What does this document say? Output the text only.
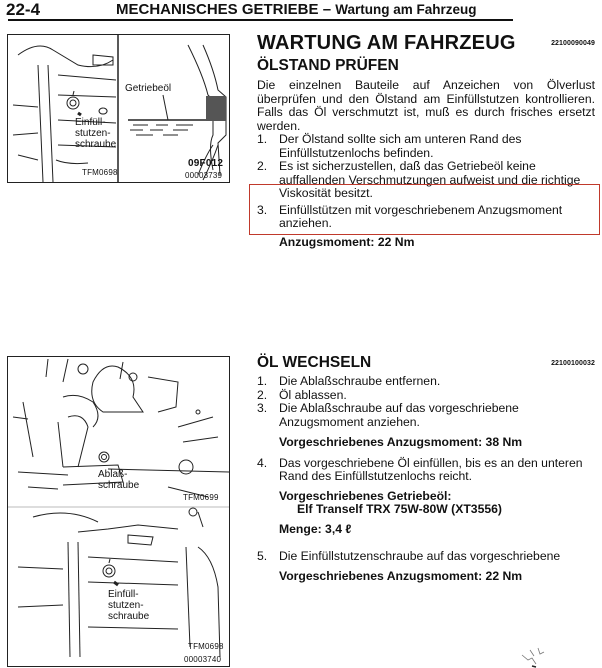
22-4	MECHANISCHES GETRIEBE – Wartung am Fahrzeug
Einfüll-
stutzen-
schraube
TFM0698
Getriebeöl
09F012
00003739
WARTUNG AM FAHRZEUG	22100090049
ÖLSTAND PRÜFEN
Die einzelnen Bauteile auf Anzeichen von Ölverlust überprüfen und den Ölstand am Einfüllstutzen kontrollieren. Falls das Öl verschmutzt ist, muß es durch frisches ersetzt werden.
1. Der Ölstand sollte sich am unteren Rand des Einfüllstutzenlochs befinden.
2. Es ist sicherzustellen, daß das Getriebeöl keine auffallenden Verschmutzungen aufweist und die richtige Viskosität besitzt.
3. Einfüllstützen mit vorgeschriebenem Anzugsmoment anziehen.
Anzugsmoment: 22 Nm
Ablaß-
schraube
TFM0699
Einfüll-
stutzen-
schraube
TFM0698
00003740
ÖL WECHSELN	22100100032
1. Die Ablaßschraube entfernen.
2. Öl ablassen.
3. Die Ablaßschraube auf das vorgeschriebene Anzugsmoment anziehen.
Vorgeschriebenes Anzugsmoment: 38 Nm
4. Das vorgeschriebene Öl einfüllen, bis es an den unteren Rand des Einfüllstutzenlochs reicht.
Vorgeschriebenes Getriebeöl:
Elf Tranself TRX 75W-80W (XT3556)
Menge: 3,4 ℓ
5. Die Einfüllstutzenschraube auf das vorgeschriebene
Vorgeschriebenes Anzugsmoment: 22 Nm
